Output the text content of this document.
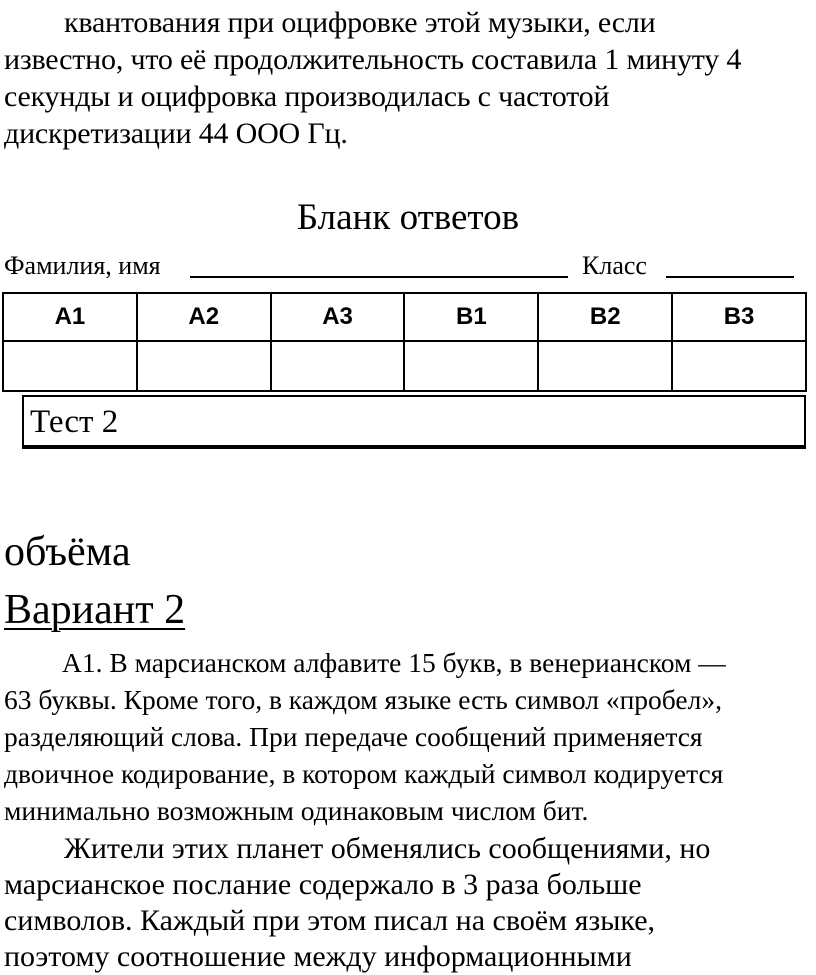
квантования при оцифровке этой музыки, если
известно, что её продолжительность составила 1 минуту 4
секунды и оцифровка производилась с частотой
дискретизации 44 ООО Гц.
Бланк ответов
Фамилия, имя	Класс
A1	A2	A3	B1	B2	B3

Тест 2
объёма
Вариант 2
А1. В марсианском алфавите 15 букв, в венерианском —
63 буквы. Кроме того, в каждом языке есть символ «пробел»,
разделяющий слова. При передаче сообщений применяется
двоичное кодирование, в котором каждый символ кодируется
минимально возможным одинаковым числом бит.
Жители этих планет обменялись сообщениями, но
марсианское послание содержало в 3 раза больше
символов. Каждый при этом писал на своём языке,
поэтому соотношение между информационными
